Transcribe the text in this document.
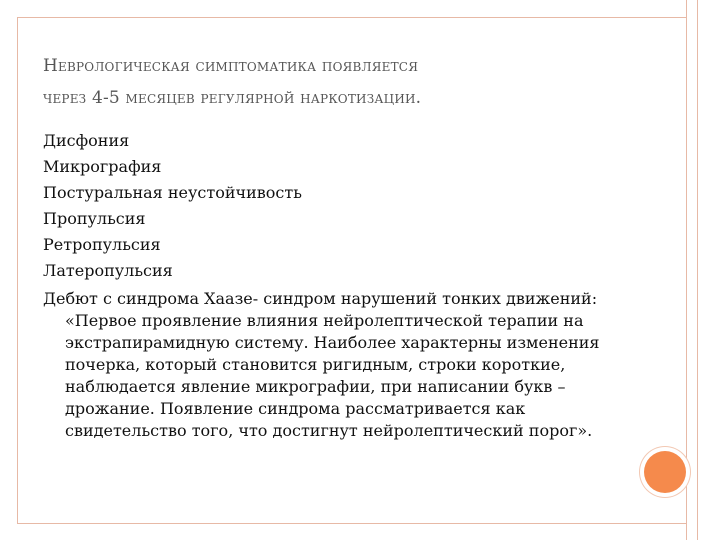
Неврологическая симптоматика появляется
через 4-5 месяцев регулярной наркотизации.
Дисфония
Микрография
Постуральная неустойчивость
Пропульсия
Ретропульсия
Латеропульсия
Дебют с синдрома Хаазе- синдром нарушений тонких движений: «Первое проявление влияния нейролептической терапии на экстрапирамидную систему. Наиболее характерны изменения почерка, который становится ригидным, строки короткие, наблюдается явление микрографии, при написании букв – дрожание. Появление синдрома рассматривается как свидетельство того, что достигнут нейролептический порог».
